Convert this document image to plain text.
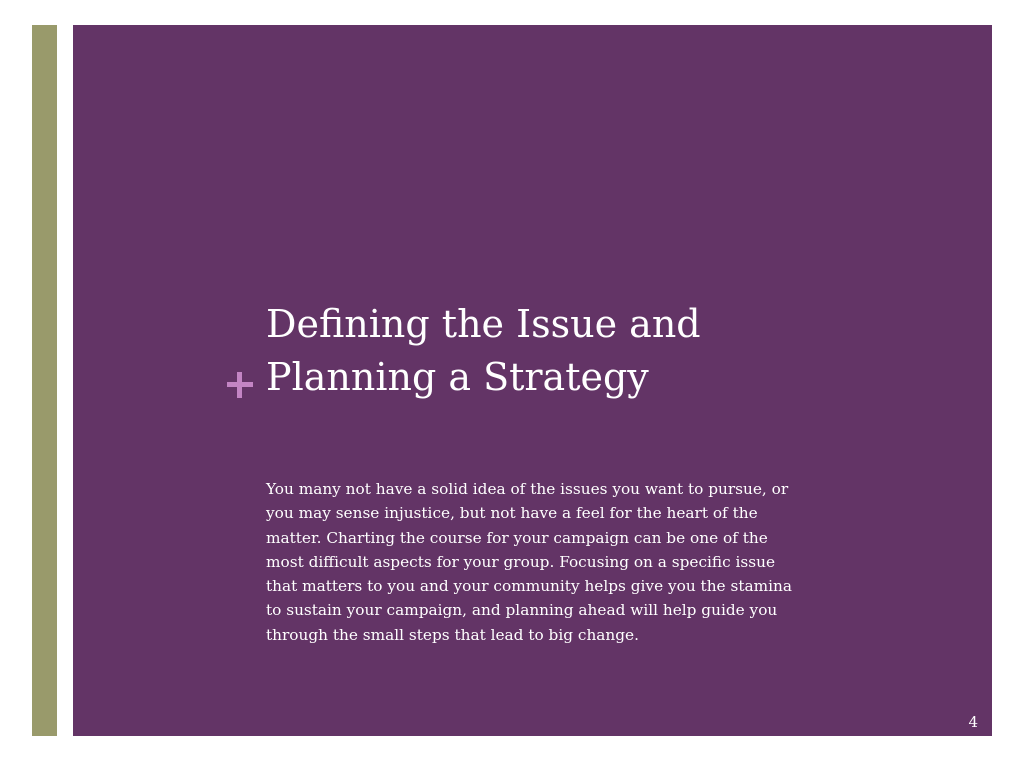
Defining the Issue and
Planning a Strategy

You many not have a solid idea of the issues you want to pursue, or
you may sense injustice, but not have a feel for the heart of the
matter. Charting the course for your campaign can be one of the
most difficult aspects for your group. Focusing on a specific issue
that matters to you and your community helps give you the stamina
to sustain your campaign, and planning ahead will help guide you
through the small steps that lead to big change.

4
